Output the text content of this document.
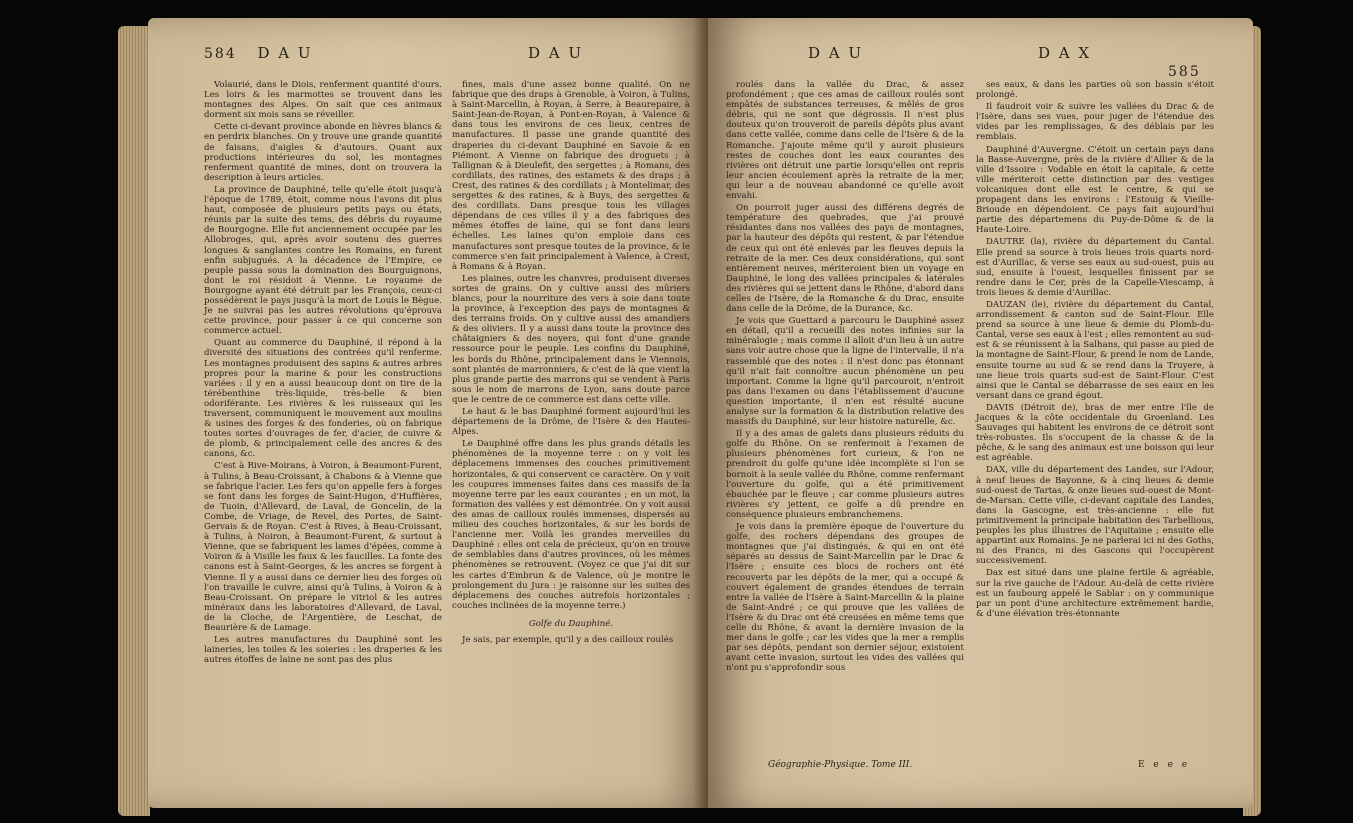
584 D A U	D A U

Volaurié, dans le Diois, renferment quantité d'ours. Les loirs & les marmottes se trouvent dans les montagnes des Alpes. On sait que ces animaux dorment six mois sans se réveiller.

Cette ci-devant province abonde en lièvres blancs & en perdrix blanches. On y trouve une grande quantité de faisans, d'aigles & d'autours. Quant aux productions intérieures du sol, les montagnes renferment quantité de mines, dont on trouvera la description à leurs articles.

La province de Dauphiné, telle qu'elle étoit jusqu'à l'époque de 1789, étoit, comme nous l'avons dit plus haut, composée de plusieurs petits pays ou états, réunis par la suite des tems, des débris du royaume de Bourgogne. Elle fut anciennement occupée par les Allobroges, qui, après avoir soutenu des guerres longues & sanglantes contre les Romains, en furent enfin subjugués. A la décadence de l'Empire, ce peuple passa sous la domination des Bourguignons, dont le roi résidoit à Vienne. Le royaume de Bourgogne ayant été détruit par les François, ceux-ci possédèrent le pays jusqu'à la mort de Louis le Bègue. Je ne suivrai pas les autres révolutions qu'éprouva cette province, pour passer à ce qui concerne son commerce actuel.

Quant au commerce du Dauphiné, il répond à la diversité des situations des contrées qu'il renferme. Les montagnes produisent des sapins & autres arbres propres pour la marine & pour les constructions variées : il y en a aussi beaucoup dont on tire de la térébenthine très-liquide, très-belle & bien odoriférante. Les rivières & les ruisseaux qui les traversent, communiquent le mouvement aux moulins & usines des forges & des fonderies, où on fabrique toutes sortes d'ouvrages de fer, d'acier, de cuivre & de plomb, & principalement celle des ancres & des canons, &c.

C'est à Rive-Moirans, à Voiron, à Beaumont-Furent, à Tulins, à Beau-Croissant, à Chabons & à Vienne que se fabrique l'acier. Les fers qu'on appelle fers à forges se font dans les forges de Saint-Hugon, d'Huffières, de Tuoin, d'Allevard, de Laval, de Goncelin, de la Combe, de Vriage, de Revel, des Portes, de Saint-Gervais & de Royan. C'est à Rives, à Beau-Croissant, à Tulins, à Noiron, à Beaumont-Furent, & surtout à Vienne, que se fabriquent les lames d'épées, comme à Voiron & à Visille les faux & les faucilles. La fonte des canons est à Saint-Georges, & les ancres se forgent à Vienne. Il y a aussi dans ce dernier lieu des forges où l'on travaille le cuivre, ainsi qu'à Tulins, à Voiron & à Beau-Croissant. On prépare le vitriol & les autres minéraux dans les laboratoires d'Allevard, de Laval, de la Cloche, de l'Argentière, de Leschat, de Beaurière & de Lamage.

Les autres manufactures du Dauphiné sont les laineries, les toiles & les soieries : les draperies & les autres étoffes de laine ne sont pas des plus

fines, mais d'une assez bonne qualité. On ne fabrique que des draps à Grenoble, à Voiron, à Tulins, à Saint-Marcellin, à Royan, à Serre, à Beaurepaire, à Saint-Jean-de-Royan, à Pont-en-Royan, à Valence & dans tous les environs de ces lieux, centres de manufactures. Il passe une grande quantité des draperies du ci-devant Dauphiné en Savoie & en Piémont. A Vienne on fabrique des droguets ; à Tallignan & à Dieulefit, des sergettes ; à Romans, des cordillats, des ratines, des estamets & des draps ; à Crest, des ratines & des cordillats ; à Montelimar, des sergettes & des ratines, & à Buys, des sergettes & des cordillats. Dans presque tous les villages dépendans de ces villes il y a des fabriques des mêmes étoffes de laine, qui se font dans leurs échelles. Les laines qu'on emploie dans ces manufactures sont presque toutes de la province, & le commerce s'en fait principalement à Valence, à Crest, à Romans & à Royan.

Les plaines, outre les chanvres, produisent diverses sortes de grains. On y cultive aussi des mûriers blancs, pour la nourriture des vers à soie dans toute la province, à l'exception des pays de montagnes & des terrains froids. On y cultive aussi des amandiers & des oliviers. Il y a aussi dans toute la province des châtaigniers & des noyers, qui font d'une grande ressource pour le peuple. Les confins du Dauphiné, les bords du Rhône, principalement dans le Viennois, sont plantés de marronniers, & c'est de là que vient la plus grande partie des marrons qui se vendent à Paris sous le nom de marrons de Lyon, sans doute parce que le centre de ce commerce est dans cette ville.

Le haut & le bas Dauphiné forment aujourd'hui les départemens de la Drôme, de l'Isère & des Hautes-Alpes.

Le Dauphiné offre dans les plus grands détails les phénomènes de la moyenne terre : on y voit les déplacemens immenses des couches primitivement horizontales, & qui conservent ce caractère. On y voit les coupures immenses faites dans ces massifs de la moyenne terre par les eaux courantes ; en un mot, la formation des vallées y est démontrée. On y voit aussi des amas de cailloux roulés immenses, dispersés au milieu des couches horizontales, & sur les bords de l'ancienne mer. Voilà les grandes merveilles du Dauphiné : elles ont cela de précieux, qu'on en trouve de semblables dans d'autres provinces, où les mêmes phénomènes se retrouvent. (Voyez ce que j'ai dit sur les cartes d'Embrun & de Valence, où je montre le prolongement du Jura : je raisonne sur les suites des déplacemens des couches autrefois horizontales ; couches inclinées de la moyenne terre.)

Golfe du Dauphiné.

Je sais, par exemple, qu'il y a des cailloux roulés

D A U	D A X 585

roulés dans la vallée du Drac, & assez profondément ; que ces amas de cailloux roulés sont empâtés de substances terreuses, & mêlés de gros débris, qui ne sont que dégrossis. Il n'est plus douteux qu'on trouveroit de pareils dépôts plus avant dans cette vallée, comme dans celle de l'Isère & de la Romanche. J'ajoute même qu'il y auroit plusieurs restes de couches dont les eaux courantes des rivières ont détruit une partie lorsqu'elles ont repris leur ancien écoulement après la retraite de la mer, qui leur a de nouveau abandonné ce qu'elle avoit envahi.

On pourroit juger aussi des différens degrés de température des quebrades, que j'ai prouvé résidantes dans nos vallées des pays de montagnes, par la hauteur des dépôts qui restent, & par l'étendue de ceux qui ont été enlevés par les fleuves depuis la retraite de la mer. Ces deux considérations, qui sont entièrement neuves, mériteroient bien un voyage en Dauphiné, le long des vallées principales & latérales des rivières qui se jettent dans le Rhône, d'abord dans celles de l'Isère, de la Romanche & du Drac, ensuite dans celle de la Drôme, de la Durance, &c.

Je vois que Guettard a parcouru le Dauphiné assez en détail, qu'il a recueilli des notes infinies sur la minéralogie ; mais comme il alloit d'un lieu à un autre sans voir autre chose que la ligne de l'intervalle, il n'a rassemblé que des notes : il n'est donc pas étonnant qu'il n'ait fait connoître aucun phénomène un peu important. Comme la ligne qu'il parcouroit, n'entroit pas dans l'examen ou dans l'établissement d'aucune question importante, il n'en est résulté aucune analyse sur la formation & la distribution relative des massifs du Dauphiné, sur leur histoire naturelle, &c.

Il y a des amas de galets dans plusieurs réduits du golfe du Rhône. On se renfermoit à l'examen de plusieurs phénomènes fort curieux, & l'on ne prendroit du golfe qu'une idée incomplète si l'on se bornoit à la seule vallée du Rhône, comme renfermant l'ouverture du golfe, qui a été primitivement ébauchée par le fleuve ; car comme plusieurs autres rivières s'y jettent, ce golfe a dû prendre en conséquence plusieurs embranchemens.

Je vois dans la première époque de l'ouverture du golfe, des rochers dépendans des groupes de montagnes que j'ai distingués, & qui en ont été séparés au dessus de Saint-Marcellin par le Drac & l'Isère ; ensuite ces blocs de rochers ont été recouverts par les dépôts de la mer, qui a occupé & couvert également de grandes étendues de terrain entre la vallée de l'Isère à Saint-Marcellin & la plaine de Saint-André ; ce qui prouve que les vallées de l'Isère & du Drac ont été creusées en même tems que celle du Rhône, & avant la dernière invasion de la mer dans le golfe ; car les vides que la mer a remplis par ses dépôts, pendant son dernier séjour, existoient avant cette invasion, surtout les vides des vallées qui n'ont pu s'approfondir sous

ses eaux, & dans les parties où son bassin s'étoit prolongé.

Il faudroit voir & suivre les vallées du Drac & de l'Isère, dans ses vues, pour juger de l'étendue des vides par les remplissages, & des déblais par les remblais.

Dauphiné d'Auvergne. C'étoit un certain pays dans la Basse-Auvergne, près de la rivière d'Allier & de la ville d'Issoire : Vodable en étoit la capitale, & cette ville mériteroit cette distinction par des vestiges volcaniques dont elle est le centre, & qui se propagent dans les environs : l'Estouig & Vieille-Brioude en dépendoient. Ce pays fait aujourd'hui partie des départemens du Puy-de-Dôme & de la Haute-Loire.

DAUTRE (la), rivière du département du Cantal. Elle prend sa source à trois lieues trois quarts nord-est d'Aurillac, & verse ses eaux au sud-ouest, puis au sud, ensuite à l'ouest, lesquelles finissent par se rendre dans le Cer, près de la Capelle-Viescamp, à trois lieues & demie d'Aurillac.

DAUZAN (le), rivière du département du Cantal, arrondissement & canton sud de Saint-Flour. Elle prend sa source à une lieue & demie du Plomb-du-Cantal, verse ses eaux à l'est ; elles remontent au sud-est & se réunissent à la Salhans, qui passe au pied de la montagne de Saint-Flour, & prend le nom de Lande, ensuite tourne au sud & se rend dans la Truyere, à une lieue trois quarts sud-est de Saint-Flour. C'est ainsi que le Cantal se débarrasse de ses eaux en les versant dans ce grand égout.

DAVIS (Détroit de), bras de mer entre l'île de Jacques & la côte occidentale du Groenland. Les Sauvages qui habitent les environs de ce détroit sont très-robustes. Ils s'occupent de la chasse & de la pêche, & le sang des animaux est une boisson qui leur est agréable.

DAX, ville du département des Landes, sur l'Adour, à neuf lieues de Bayonne, & à cinq lieues & demie sud-ouest de Tartas, & onze lieues sud-ouest de Mont-de-Marsan. Cette ville, ci-devant capitale des Landes, dans la Gascogne, est très-ancienne : elle fut primitivement la principale habitation des Tarbellious, peuples les plus illustres de l'Aquitaine ; ensuite elle appartint aux Romains. Je ne parlerai ici ni des Goths, ni des Francs, ni des Gascons qui l'occupèrent successivement.

Dax est situé dans une plaine fertile & agréable, sur la rive gauche de l'Adour. Au-delà de cette rivière est un faubourg appelé le Sablar : on y communique par un pont d'une architecture extrêmement hardie, & d'une élévation très-étonnante

Géographie-Physique. Tome III.	E e e e
